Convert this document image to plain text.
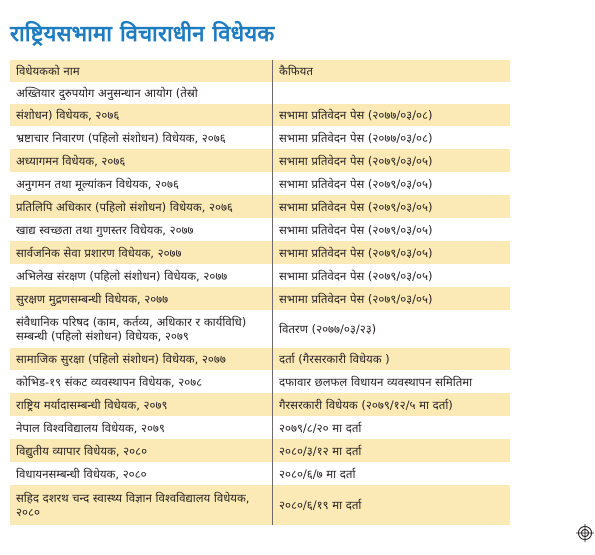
राष्ट्रियसभामा विचाराधीन विधेयक
विधेयकको नाम	कैफियत
अख्तियार दुरुपयोग अनुसन्धान आयोग (तेस्रो
संशोधन) विधेयक, २०७६	सभामा प्रतिवेदन पेस (२०७७/०३/०८)
भ्रष्टाचार निवारण (पहिलो संशोधन) विधेयक, २०७६	सभामा प्रतिवेदन पेस (२०७७/०३/०८)
अध्यागमन विधेयक, २०७६	सभामा प्रतिवेदन पेस (२०७९/०३/०५)
अनुगमन तथा मूल्यांकन विधेयक, २०७६	सभामा प्रतिवेदन पेस (२०७९/०३/०५)
प्रतिलिपि अधिकार (पहिलो संशोधन) विधेयक, २०७६	सभामा प्रतिवेदन पेस (२०७९/०३/०५)
खाद्य स्वच्छता तथा गुणस्तर विधेयक, २०७७	सभामा प्रतिवेदन पेस (२०७९/०३/०५)
सार्वजनिक सेवा प्रशारण विधेयक, २०७७	सभामा प्रतिवेदन पेस (२०७९/०३/०५)
अभिलेख संरक्षण (पहिलो संशोधन) विधेयक, २०७७	सभामा प्रतिवेदन पेस (२०७९/०३/०५)
सुरक्षण मुद्रणसम्बन्धी विधेयक, २०७७	सभामा प्रतिवेदन पेस (२०७९/०३/०५)
संवैधानिक परिषद (काम, कर्तव्य, अधिकार र कार्यविधि) सम्बन्धी (पहिलो संशोधन) विधेयक, २०७९	वितरण (२०७७/०३/२३)
सामाजिक सुरक्षा (पहिलो संशोधन) विधेयक, २०७७	दर्ता (गैरसरकारी विधेयक )
कोभिड-१९ संकट व्यवस्थापन विधेयक, २०७८	दफावार छलफल विधायन व्यवस्थापन समितिमा
राष्ट्रिय मर्यादासम्बन्धी विधेयक, २०७९	गैरसरकारी विधेयक (२०७९/१२/५ मा दर्ता)
नेपाल विश्वविद्यालय विधेयक, २०७९	२०७९/८/२० मा दर्ता
विद्युतीय व्यापार विधेयक, २०८०	२०८०/३/१२ मा दर्ता
विधायनसम्बन्धी विधेयक, २०८०	२०८०/६/७ मा दर्ता
सहिद दशरथ चन्द स्वास्थ्य विज्ञान विश्वविद्यालय विधेयक, २०८०	२०८०/६/१९ मा दर्ता
